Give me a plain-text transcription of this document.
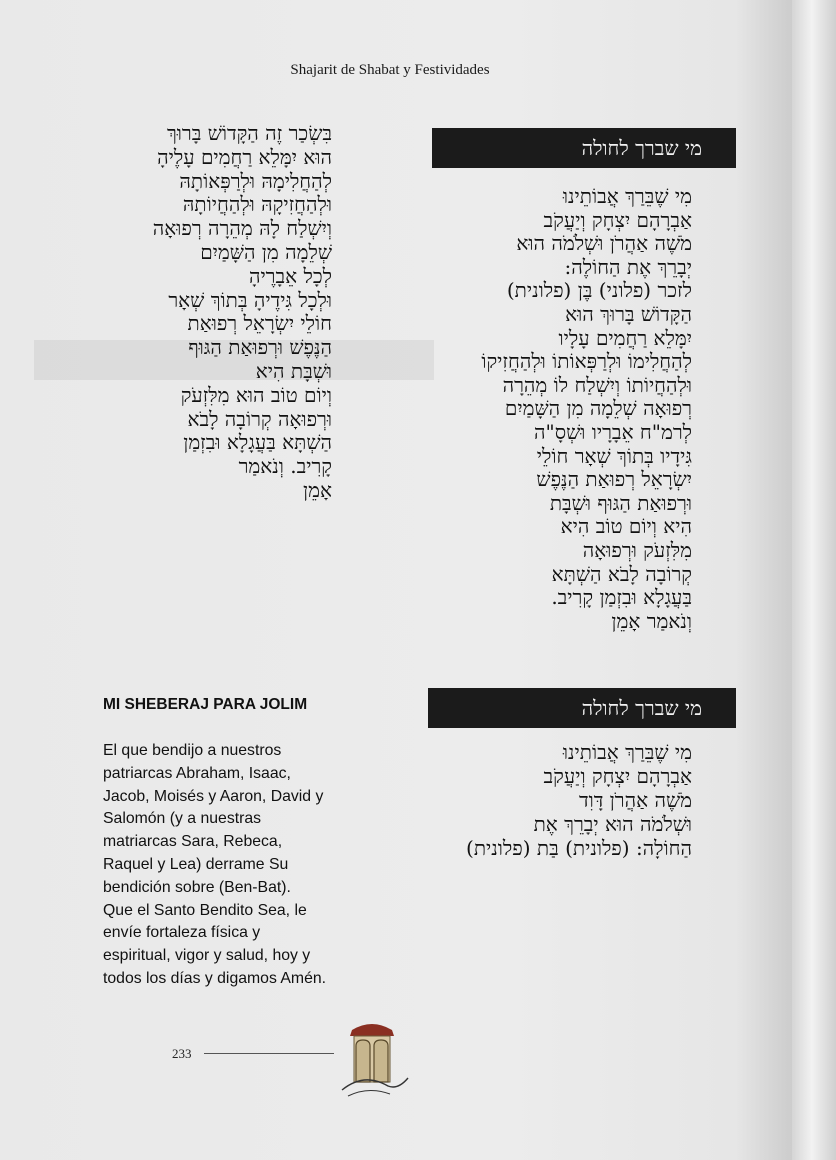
Shajarit de Shabat y Festividades
בִּשְׂכַר זֶה הַקָּדוֹשׁ בָּרוּךְ
הוּא יִמָּלֵא רַחֲמִים עָלֶיהָ
לְהַחֲלִימָהּ וּלְרַפְּאוֹתָהּ
וּלְהַחֲזִיקָהּ וּלְהַחֲיוֹתָהּ
וְיִשְׁלַח לָהּ מְהֵרָה רְפוּאָה
שְׁלֵמָה מִן הַשָּׁמַיִם
לְכָל אֵבָרֶיהָ
וּלְכָל גִּידֶיהָ בְּתוֹךְ שְׁאָר
חוֹלֵי יִשְׂרָאֵל רְפוּאַת
הַנֶּפֶשׁ וּרְפוּאַת הַגּוּף
וּשְׁבָּת הִיא
וְיוֹם טוֹב הוּא מִלִּזְעֹק
וּרְפוּאָה קְרוֹבָה לָבֹא
הַשְׁתָּא בַּעֲגָלָא וּבִזְמַן
קָרִיב. וְנֹאמַר
אָמֵן
מי שברך לחולה
מִי שֶׁבֵּרַךְ אֲבוֹתֵינוּ
אַבְרָהָם יִצְחָק וְיַעֲקֹב
מֹשֶׁה אַהֲרֹן וּשְׁלֹמֹה הוּא
יְבָרֵךְ אֶת הַחוֹלֶה:
לזכר (פלוני) בֶּן (פלונית)
הַקָּדוֹשׁ בָּרוּךְ הוּא
יִמָּלֵא רַחֲמִים עָלָיו
לְהַחֲלִימוֹ וּלְרַפְּאוֹתוֹ וּלְהַחֲזִיקוֹ
וּלְהַחֲיוֹתוֹ וְיִשְׁלַח לוֹ מְהֵרָה
רְפוּאָה שְׁלֵמָה מִן הַשָּׁמַיִם
לְרמ"ח אֵבָרָיו וּשְׁסָ"ה
גִּידָיו בְּתוֹךְ שְׁאָר חוֹלֵי
יִשְׂרָאֵל רְפוּאַת הַנֶּפֶשׁ
וּרְפוּאַת הַגּוּף וּשְׁבָּת
הִיא וְיוֹם טוֹב הִיא
מִלִּזְעֹק וּרְפוּאָה
קְרוֹבָה לָבֹא הַשְׁתָּא
בַּעֲגָלָא וּבִזְמַן קָרִיב.
וְנֹאמַר אָמֵן
מי שברך לחולה
מִי שֶׁבֵּרַךְ אֲבוֹתֵינוּ
אַבְרָהָם יִצְחָק וְיַעֲקֹב
מֹשֶׁה אַהֲרֹן דָּוִד
וּשְׁלֹמֹה הוּא יְבָרֵךְ אֶת
הַחוֹלָה: (פלונית) בַּת (פלונית)
MI SHEBERAJ PARA JOLIM
El que bendijo a nuestros
patriarcas Abraham, Isaac,
Jacob, Moisés y Aaron, David y
Salomón (y a nuestras
matriarcas Sara, Rebeca,
Raquel y Lea) derrame Su
bendición sobre (Ben-Bat).
Que el Santo Bendito Sea, le
envíe fortaleza física y
espiritual, vigor y salud, hoy y
todos los días y digamos Amén.
233
